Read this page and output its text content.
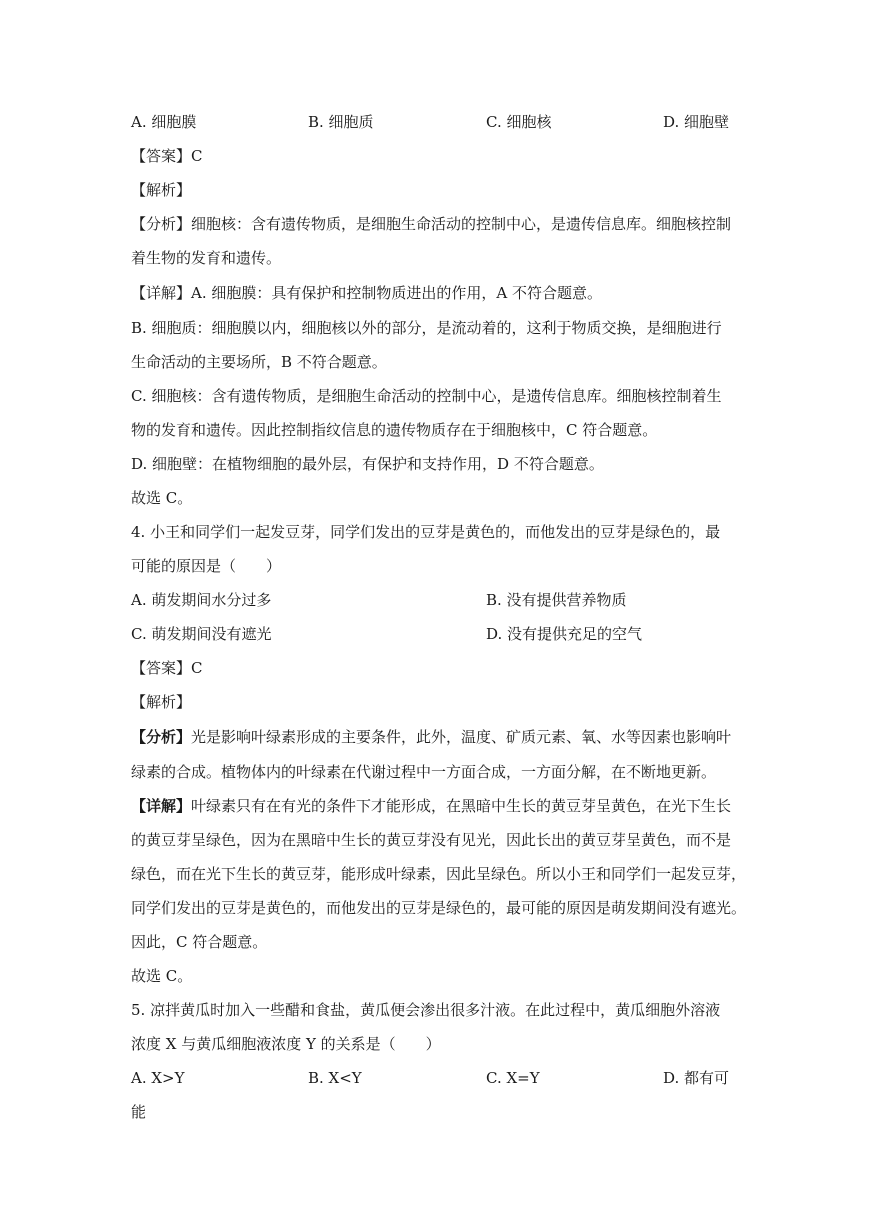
A. 细胞膜	B. 细胞质	C. 细胞核	D. 细胞壁
【答案】C
【解析】
【分析】细胞核：含有遗传物质，是细胞生命活动的控制中心，是遗传信息库。细胞核控制
着生物的发育和遗传。
【详解】A. 细胞膜：具有保护和控制物质进出的作用，A 不符合题意。
B. 细胞质：细胞膜以内，细胞核以外的部分，是流动着的，这利于物质交换，是细胞进行
生命活动的主要场所，B 不符合题意。
C. 细胞核：含有遗传物质，是细胞生命活动的控制中心，是遗传信息库。细胞核控制着生
物的发育和遗传。因此控制指纹信息的遗传物质存在于细胞核中，C 符合题意。
D. 细胞壁：在植物细胞的最外层，有保护和支持作用，D 不符合题意。
故选 C。
4. 小王和同学们一起发豆芽，同学们发出的豆芽是黄色的，而他发出的豆芽是绿色的，最
可能的原因是（　　）
A. 萌发期间水分过多	B. 没有提供营养物质
C. 萌发期间没有遮光	D. 没有提供充足的空气
【答案】C
【解析】
【分析】光是影响叶绿素形成的主要条件，此外，温度、矿质元素、氧、水等因素也影响叶
绿素的合成。植物体内的叶绿素在代谢过程中一方面合成，一方面分解，在不断地更新。
【详解】叶绿素只有在有光的条件下才能形成，在黑暗中生长的黄豆芽呈黄色，在光下生长
的黄豆芽呈绿色，因为在黑暗中生长的黄豆芽没有见光，因此长出的黄豆芽呈黄色，而不是
绿色，而在光下生长的黄豆芽，能形成叶绿素，因此呈绿色。所以小王和同学们一起发豆芽，
同学们发出的豆芽是黄色的，而他发出的豆芽是绿色的，最可能的原因是萌发期间没有遮光。
因此，C 符合题意。
故选 C。
5. 凉拌黄瓜时加入一些醋和食盐，黄瓜便会渗出很多汁液。在此过程中，黄瓜细胞外溶液
浓度 X 与黄瓜细胞液浓度 Y 的关系是（　　）
A. X>Y	B. X<Y	C. X=Y	D. 都有可
能
